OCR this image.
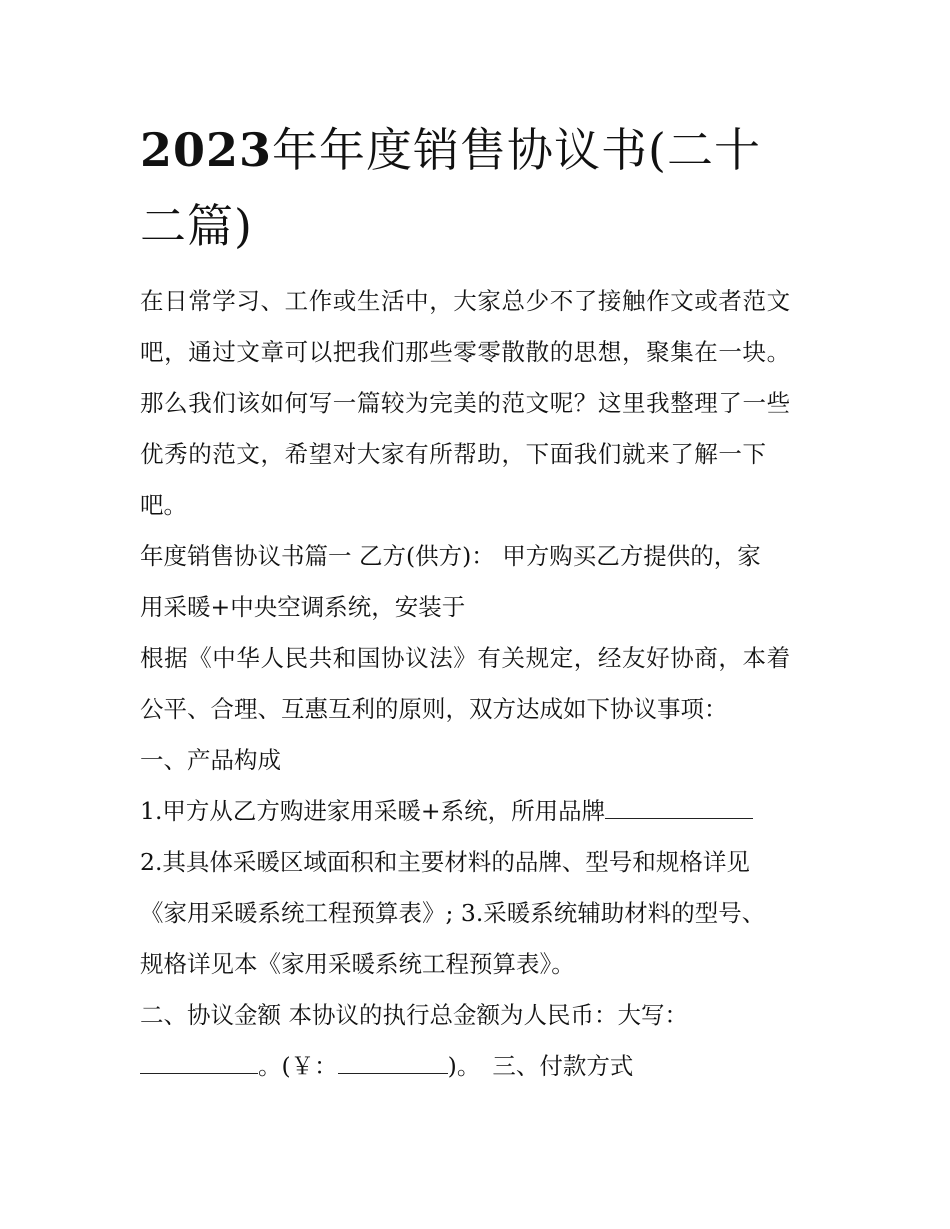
2023年年度销售协议书(二十
二篇)

在日常学习、工作或生活中，大家总少不了接触作文或者范文

吧，通过文章可以把我们那些零零散散的思想，聚集在一块。

那么我们该如何写一篇较为完美的范文呢？这里我整理了一些

优秀的范文，希望对大家有所帮助，下面我们就来了解一下

吧。

年度销售协议书篇一 乙方(供方)： 甲方购买乙方提供的，家

用采暖+中央空调系统，安装于

根据《中华人民共和国协议法》有关规定，经友好协商，本着

公平、合理、互惠互利的原则，双方达成如下协议事项：

一、产品构成

1.甲方从乙方购进家用采暖+系统，所用品牌

2.其具体采暖区域面积和主要材料的品牌、型号和规格详见

《家用采暖系统工程预算表》; 3.采暖系统辅助材料的型号、

规格详见本《家用采暖系统工程预算表》。

二、协议金额 本协议的执行总金额为人民币：大写：

。(￥：	)。 三、付款方式
